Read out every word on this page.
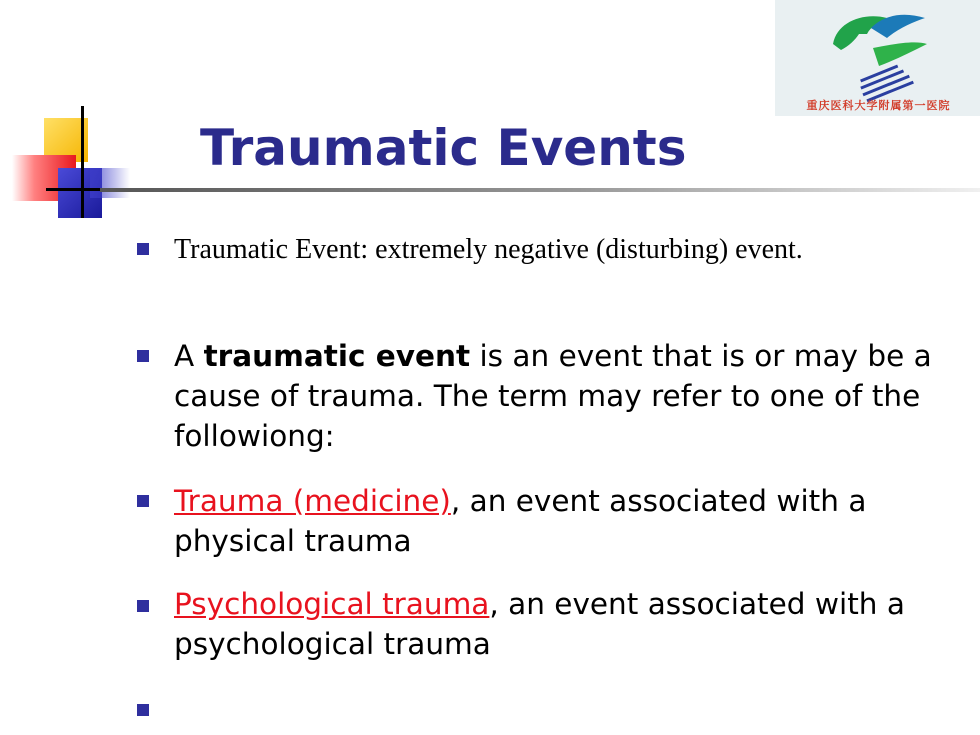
重庆医科大学附属第一医院
Traumatic Events
Traumatic Event: extremely negative (disturbing) event.
A traumatic event is an event that is or may be a cause of trauma. The term may refer to one of the followiong:
Trauma (medicine), an event associated with a physical trauma
Psychological trauma, an event associated with a psychological trauma
